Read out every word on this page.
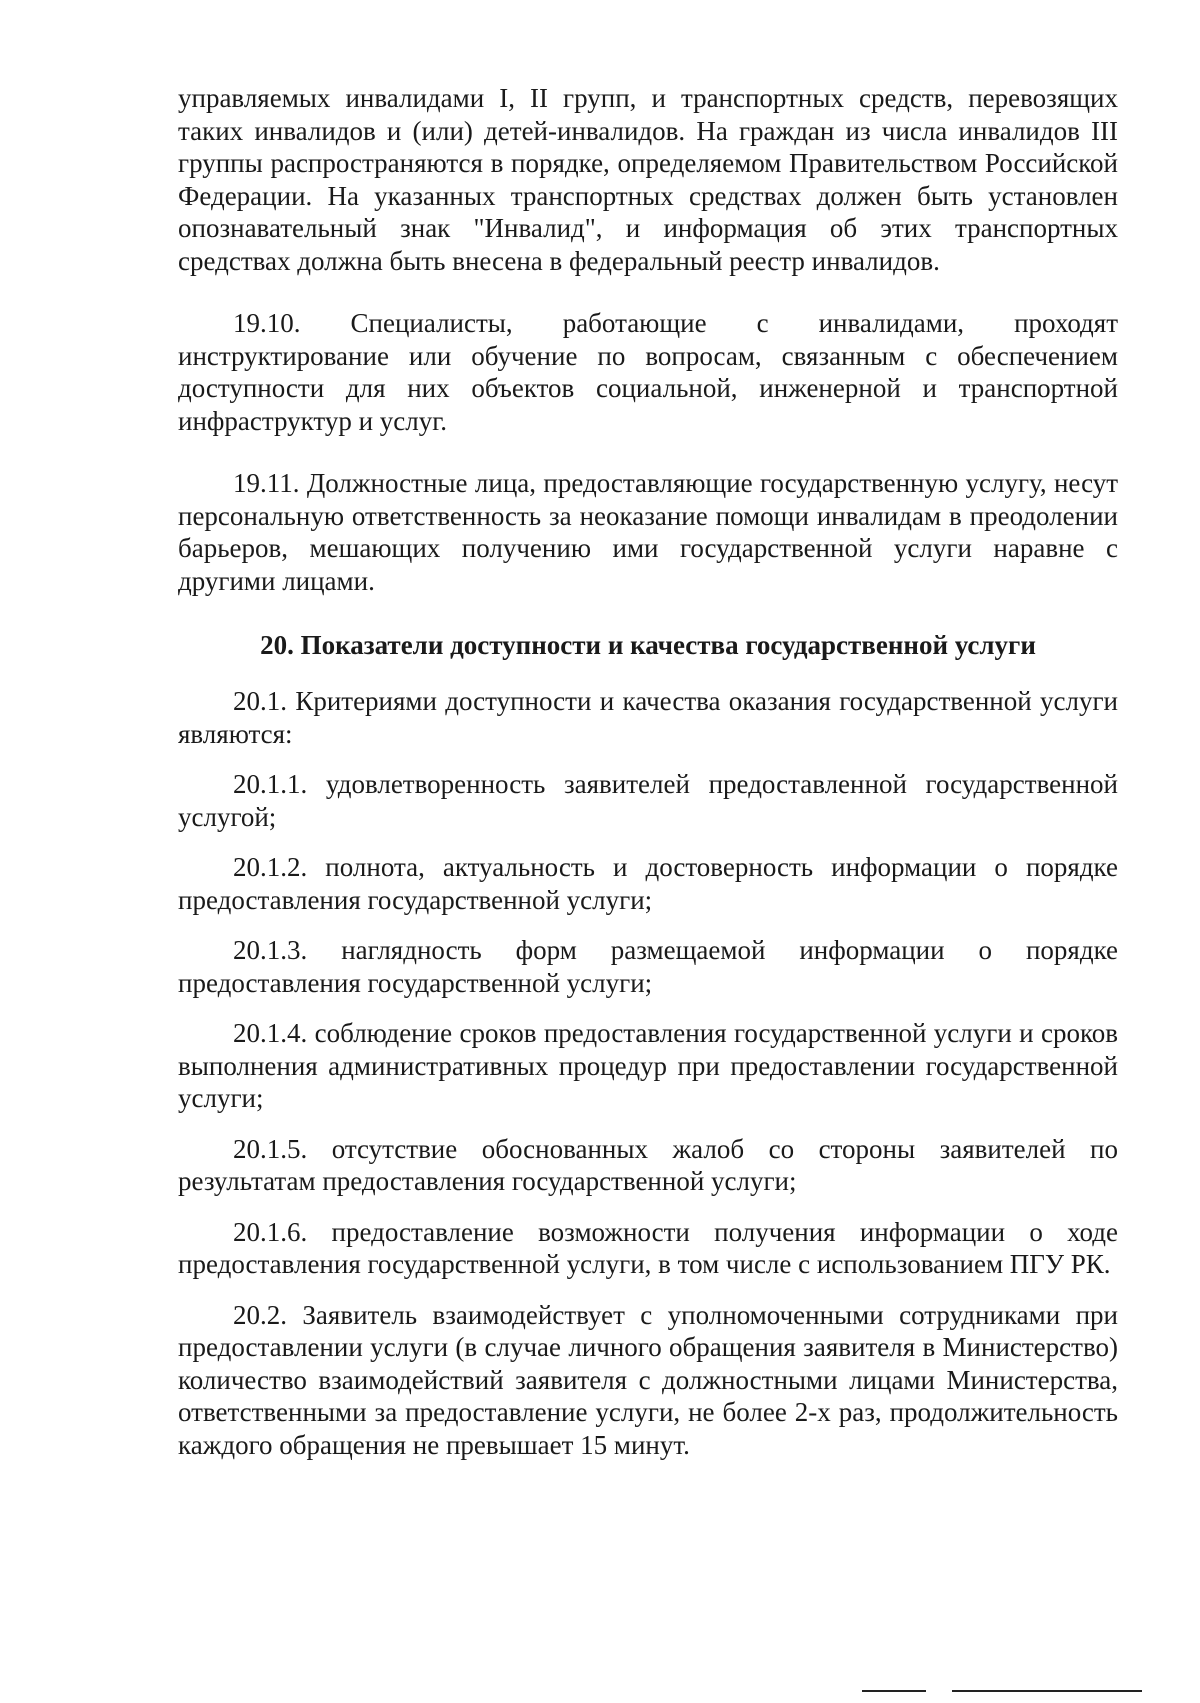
управляемых инвалидами I, II групп, и транспортных средств, перевозящих таких инвалидов и (или) детей-инвалидов. На граждан из числа инвалидов III группы распространяются в порядке, определяемом Правительством Российской Федерации. На указанных транспортных средствах должен быть установлен опознавательный знак "Инвалид", и информация об этих транспортных средствах должна быть внесена в федеральный реестр инвалидов.

19.10. Специалисты, работающие с инвалидами, проходят инструктирование или обучение по вопросам, связанным с обеспечением доступности для них объектов социальной, инженерной и транспортной инфраструктур и услуг.

19.11. Должностные лица, предоставляющие государственную услугу, несут персональную ответственность за неоказание помощи инвалидам в преодолении барьеров, мешающих получению ими государственной услуги наравне с другими лицами.

20. Показатели доступности и качества государственной услуги

20.1. Критериями доступности и качества оказания государственной услуги являются:

20.1.1. удовлетворенность заявителей предоставленной государственной услугой;

20.1.2. полнота, актуальность и достоверность информации о порядке предоставления государственной услуги;

20.1.3. наглядность форм размещаемой информации о порядке предоставления государственной услуги;

20.1.4. соблюдение сроков предоставления государственной услуги и сроков выполнения административных процедур при предоставлении государственной услуги;

20.1.5. отсутствие обоснованных жалоб со стороны заявителей по результатам предоставления государственной услуги;

20.1.6. предоставление возможности получения информации о ходе предоставления государственной услуги, в том числе с использованием ПГУ РК.

20.2. Заявитель взаимодействует с уполномоченными сотрудниками при предоставлении услуги (в случае личного обращения заявителя в Министерство) количество взаимодействий заявителя с должностными лицами Министерства, ответственными за предоставление услуги, не более 2-х раз, продолжительность каждого обращения не превышает 15 минут.
